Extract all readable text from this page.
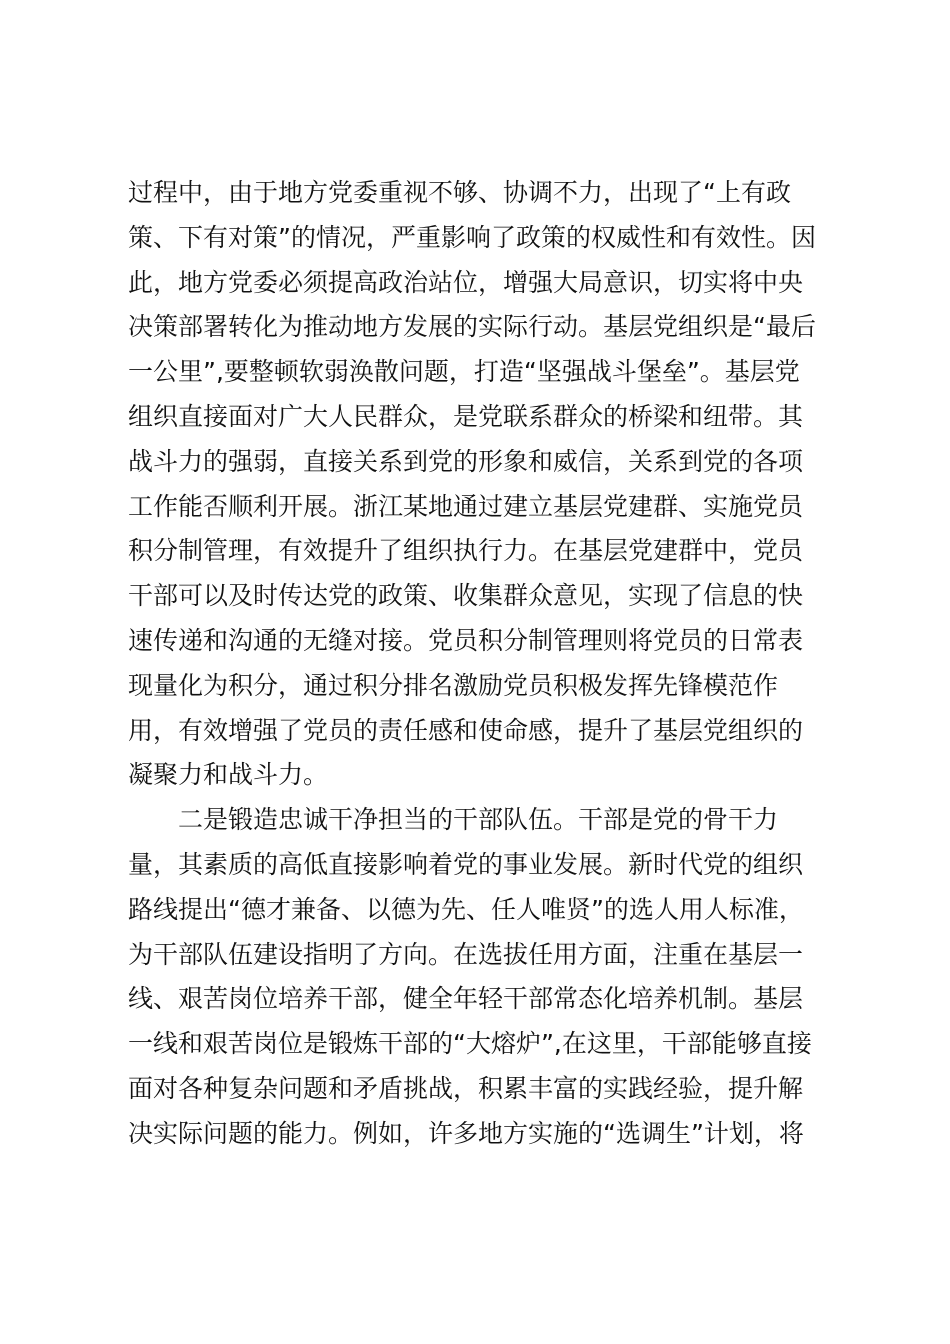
过程中，由于地方党委重视不够、协调不力，出现了“上有政
策、下有对策”的情况，严重影响了政策的权威性和有效性。因
此，地方党委必须提高政治站位，增强大局意识，切实将中央
决策部署转化为推动地方发展的实际行动。基层党组织是“最后
一公里”,要整顿软弱涣散问题，打造“坚强战斗堡垒”。基层党
组织直接面对广大人民群众，是党联系群众的桥梁和纽带。其
战斗力的强弱，直接关系到党的形象和威信，关系到党的各项
工作能否顺利开展。浙江某地通过建立基层党建群、实施党员
积分制管理，有效提升了组织执行力。在基层党建群中，党员
干部可以及时传达党的政策、收集群众意见，实现了信息的快
速传递和沟通的无缝对接。党员积分制管理则将党员的日常表
现量化为积分，通过积分排名激励党员积极发挥先锋模范作
用，有效增强了党员的责任感和使命感，提升了基层党组织的
凝聚力和战斗力。
二是锻造忠诚干净担当的干部队伍。干部是党的骨干力
量，其素质的高低直接影响着党的事业发展。新时代党的组织
路线提出“德才兼备、以德为先、任人唯贤”的选人用人标准，
为干部队伍建设指明了方向。在选拔任用方面，注重在基层一
线、艰苦岗位培养干部，健全年轻干部常态化培养机制。基层
一线和艰苦岗位是锻炼干部的“大熔炉”,在这里，干部能够直接
面对各种复杂问题和矛盾挑战，积累丰富的实践经验，提升解
决实际问题的能力。例如，许多地方实施的“选调生”计划，将
